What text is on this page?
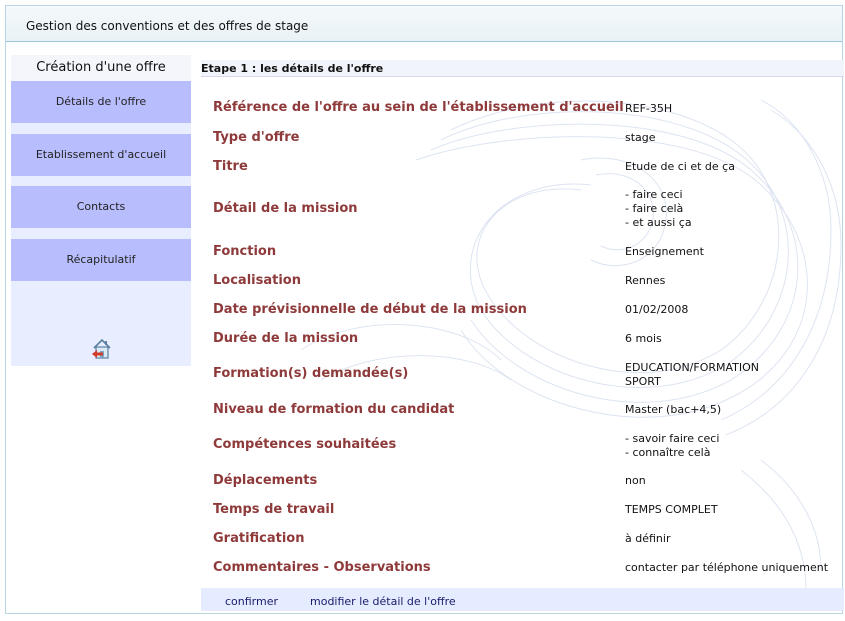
Gestion des conventions et des offres de stage
Création d'une offre
Détails de l'offre
Etablissement d'accueil
Contacts
Récapitulatif
Etape 1 : les détails de l'offre
Référence de l'offre au sein de l'établissement d'accueil REF-35H
Type d'offre	stage
Titre	Etude de ci et de ça
Détail de la mission
- faire ceci
- faire celà
- et aussi ça
Fonction	Enseignement
Localisation	Rennes
Date prévisionnelle de début de la mission	01/02/2008
Durée de la mission	6 mois
Formation(s) demandée(s)	EDUCATION/FORMATION
SPORT
Niveau de formation du candidat	Master (bac+4,5)
Compétences souhaitées	- savoir faire ceci
- connaître celà
Déplacements	non
Temps de travail	TEMPS COMPLET
Gratification	à définir
Commentaires - Observations	contacter par téléphone uniquement
confirmer	modifier le détail de l'offre
